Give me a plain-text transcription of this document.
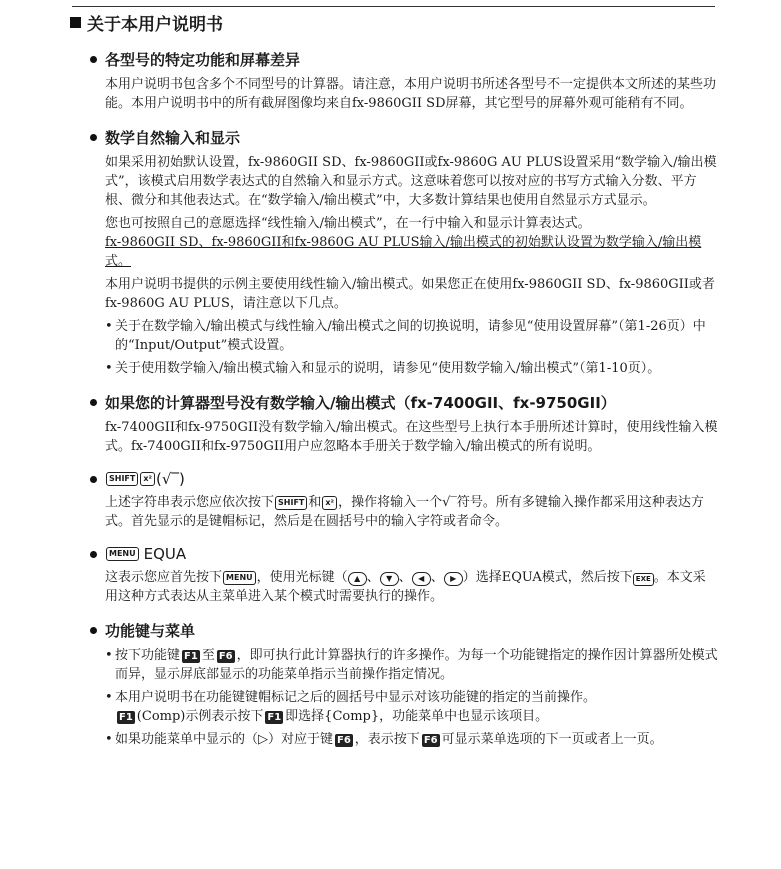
关于本用户说明书
各型号的特定功能和屏幕差异

本用户说明书包含多个不同型号的计算器。请注意，本用户说明书所述各型号不一定提供本文所述的某些功能。本用户说明书中的所有截屏图像均来自fx-9860GII SD屏幕，其它型号的屏幕外观可能稍有不同。

数学自然输入和显示

如果采用初始默认设置，fx-9860GII SD、fx-9860GII或fx-9860G AU PLUS设置采用“数学输入/输出模式”，该模式启用数学表达式的自然输入和显示方式。这意味着您可以按对应的书写方式输入分数、平方根、微分和其他表达式。在“数学输入/输出模式”中，大多数计算结果也使用自然显示方式显示。

您也可按照自己的意愿选择“线性输入/输出模式”，在一行中输入和显示计算表达式。

fx-9860GII SD、fx-9860GII和fx-9860G AU PLUS输入/输出模式的初始默认设置为数学输入/输出模式。

本用户说明书提供的示例主要使用线性输入/输出模式。如果您正在使用fx-9860GII SD、fx-9860GII或者fx-9860G AU PLUS，请注意以下几点。

• 关于在数学输入/输出模式与线性输入/输出模式之间的切换说明，请参见“使用设置屏幕”（第1-26页）中的“Input/Output”模式设置。
• 关于使用数学输入/输出模式输入和显示的说明，请参见“使用数学输入/输出模式”（第1-10页）。
如果您的计算器型号没有数学输入/输出模式（fx-7400GII、fx-9750GII）

fx-7400GII和fx-9750GII没有数学输入/输出模式。在这些型号上执行本手册所述计算时，使用线性输入模式。fx-7400GII和fx-9750GII用户应忽略本手册关于数学输入/输出模式的所有说明。

SHIFT	x² (√‾)

上述字符串表示您应依次按下 SHIFT 和 x² ，操作将输入一个√‾符号。所有多键输入操作都采用这种表达方式。首先显示的是键帽标记，然后是在圆括号中的输入字符或者命令。

MENU EQUA

这表示您应首先按下 MENU ，使用光标键（ ▲ 、 ▼ 、 ◀ 、 ▶ ）选择EQUA模式，然后按下 EXE 。本文采用这种方式表达从主菜单进入某个模式时需要执行的操作。

功能键与菜单
• 按下功能键 F1 至 F6 ，即可执行此计算器执行的许多操作。为每一个功能键指定的操作因计算器所处模式而异，显示屏底部显示的功能菜单指示当前操作指定情况。
• 本用户说明书在功能键键帽标记之后的圆括号中显示对该功能键的指定的当前操作。
F1 (Comp)示例表示按下 F1 即选择{Comp}，功能菜单中也显示该项目。
• 如果功能菜单中显示的（▷）对应于键 F6 ，表示按下 F6 可显示菜单选项的下一页或者上一页。
